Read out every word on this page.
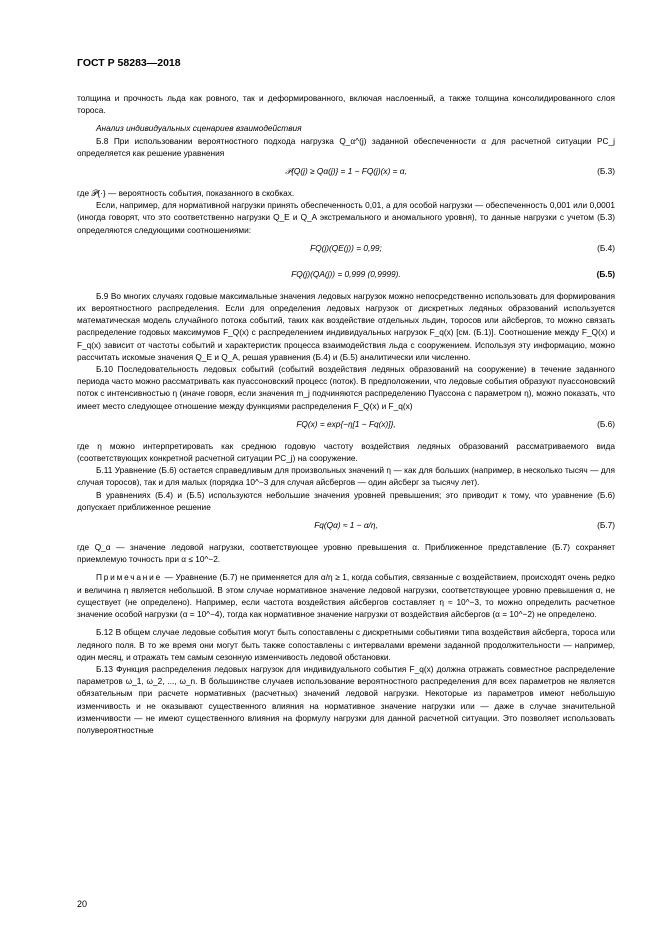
ГОСТ Р 58283—2018

толщина и прочность льда как ровного, так и деформированного, включая наслоенный, а также толщина консолидированного слоя тороса.

Анализ индивидуальных сценариев взаимодействия

Б.8 При использовании вероятностного подхода нагрузка Q_α^(j) заданной обеспеченности α для расчетной ситуации PC_j определяется как решение уравнения

𝒫{Q(j) ≥ Qα(j)} = 1 − FQ(j)(x) = α,	(Б.3)

где 𝒫{·} — вероятность события, показанного в скобках.

Если, например, для нормативной нагрузки принять обеспеченность 0,01, а для особой нагрузки — обеспеченность 0,001 или 0,0001 (иногда говорят, что это соответственно нагрузки Q_E и Q_A экстремального и аномального уровня), то данные нагрузки с учетом (Б.3) определяются следующими соотношениями:

FQ(j)(QE(j)) = 0,99;	(Б.4)
FQ(j)(QA(j)) = 0,999 (0,9999).	(Б.5)

Б.9 Во многих случаях годовые максимальные значения ледовых нагрузок можно непосредственно использовать для формирования их вероятностного распределения. Если для определения ледовых нагрузок от дискретных ледяных образований используется математическая модель случайного потока событий, таких как воздействие отдельных льдин, торосов или айсбергов, то можно связать распределение годовых максимумов F_Q(x) с распределением индивидуальных нагрузок F_q(x) [см. (Б.1)]. Соотношение между F_Q(x) и F_q(x) зависит от частоты событий и характеристик процесса взаимодействия льда с сооружением. Используя эту информацию, можно рассчитать искомые значения Q_E и Q_A, решая уравнения (Б.4) и (Б.5) аналитически или численно.

Б.10 Последовательность ледовых событий (событий воздействия ледяных образований на сооружение) в течение заданного периода часто можно рассматривать как пуассоновский процесс (поток). В предположении, что ледовые события образуют пуассоновский поток с интенсивностью η (иначе говоря, если значения m_j подчиняются распределению Пуассона с параметром η), можно показать, что имеет место следующее отношение между функциями распределения F_Q(x) и F_q(x)

FQ(x) = exp{−η[1 − Fq(x)]},	(Б.6)

где η можно интерпретировать как среднюю годовую частоту воздействия ледяных образований рассматриваемого вида (соответствующих конкретной расчетной ситуации PC_j) на сооружение.

Б.11 Уравнение (Б.6) остается справедливым для произвольных значений η — как для больших (например, в несколько тысяч — для случая торосов), так и для малых (порядка 10^−3 для случая айсбергов — один айсберг за тысячу лет).

В уравнениях (Б.4) и (Б.5) используются небольшие значения уровней превышения; это приводит к тому, что уравнение (Б.6) допускает приближенное решение

Fq(Qα) ≈ 1 − α/η,	(Б.7)

где Q_α — значение ледовой нагрузки, соответствующее уровню превышения α. Приближенное представление (Б.7) сохраняет приемлемую точность при α ≤ 10^−2.

Примечание — Уравнение (Б.7) не применяется для α/η ≥ 1, когда события, связанные с воздействием, происходят очень редко и величина η является небольшой. В этом случае нормативное значение ледовой нагрузки, соответствующее уровню превышения α, не существует (не определено). Например, если частота воздействия айсбергов составляет η ≈ 10^−3, то можно определить расчетное значение особой нагрузки (α = 10^−4), тогда как нормативное значение нагрузки от воздействия айсбергов (α = 10^−2) не определено.

Б.12 В общем случае ледовые события могут быть сопоставлены с дискретными событиями типа воздействия айсберга, тороса или ледяного поля. В то же время они могут быть также сопоставлены с интервалами времени заданной продолжительности — например, один месяц, и отражать тем самым сезонную изменчивость ледовой обстановки.

Б.13 Функция распределения ледовых нагрузок для индивидуального события F_q(x) должна отражать совместное распределение параметров ω_1, ω_2, ..., ω_n. В большинстве случаев использование вероятностного распределения для всех параметров не является обязательным при расчете нормативных (расчетных) значений ледовой нагрузки. Некоторые из параметров имеют небольшую изменчивость и не оказывают существенного влияния на нормативное значение нагрузки или — даже в случае значительной изменчивости — не имеют существенного влияния на формулу нагрузки для данной расчетной ситуации. Это позволяет использовать полувероятностные

20
